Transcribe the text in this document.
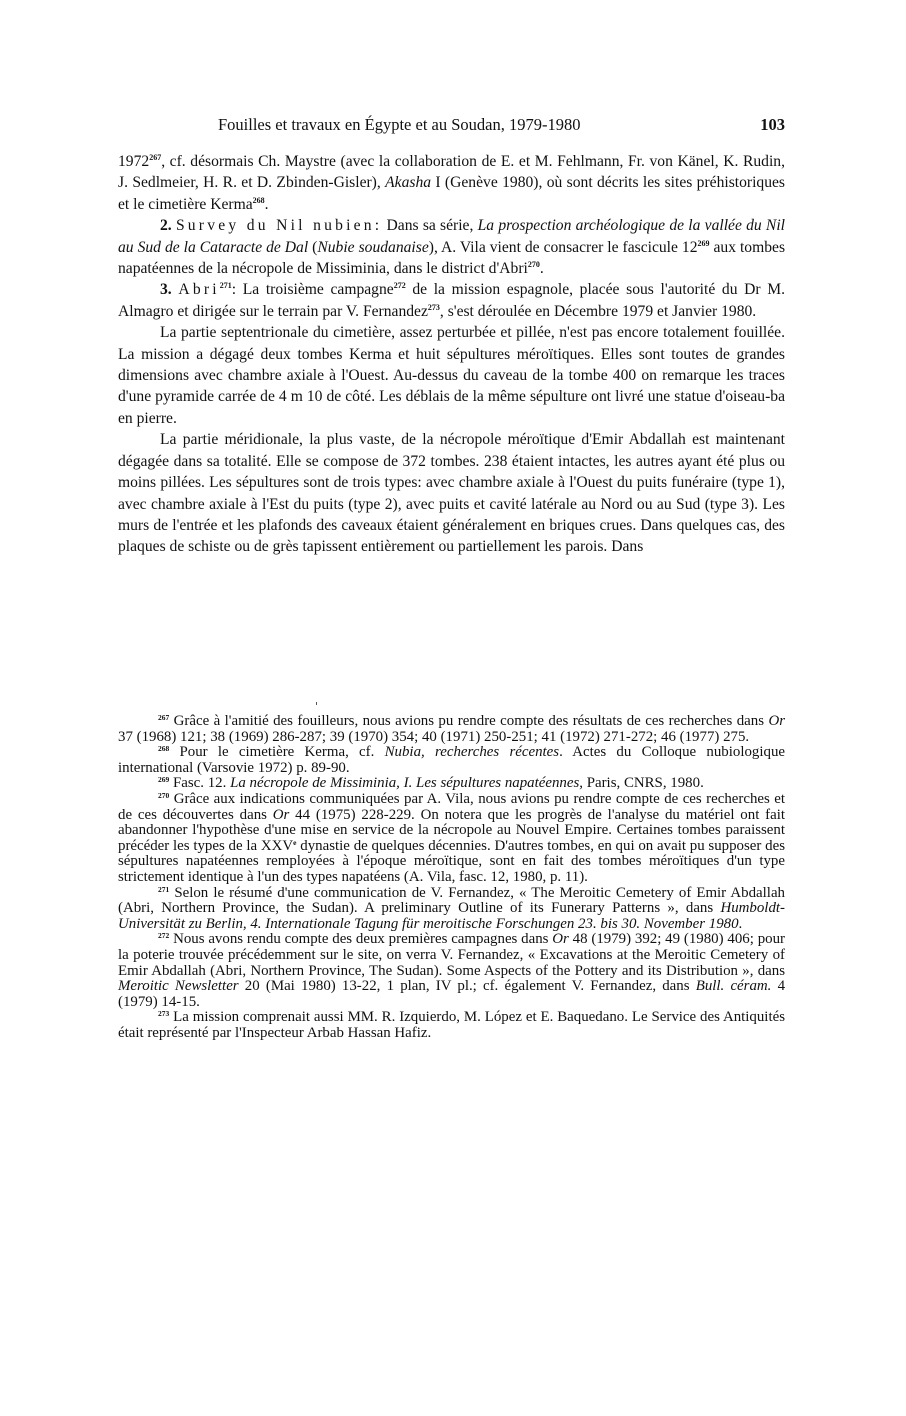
Fouilles et travaux en Égypte et au Soudan, 1979-1980	103

1972$^{267}$, cf. désormais Ch. Maystre (avec la collaboration de E. et M. Fehlmann, Fr. von Känel, K. Rudin, J. Sedlmeier, H. R. et D. Zbinden-Gisler), Akasha I (Genève 1980), où sont décrits les sites préhistoriques et le cimetière Kerma$^{268}$.

2. Survey du Nil nubien: Dans sa série, La prospection archéologique de la vallée du Nil au Sud de la Cataracte de Dal (Nubie soudanaise), A. Vila vient de consacrer le fascicule $12^{269}$ aux tombes napatéennes de la nécropole de Missiminia, dans le district d'Abri$^{270}$.

3. Abri$^{271}$: La troisième campagne$^{272}$ de la mission espagnole, placée sous l'autorité du Dr M. Almagro et dirigée sur le terrain par V. Fernandez$^{273}$, s'est déroulée en Décembre 1979 et Janvier 1980.

La partie septentrionale du cimetière, assez perturbée et pillée, n'est pas encore totalement fouillée. La mission a dégagé deux tombes Kerma et huit sépultures méroïtiques. Elles sont toutes de grandes dimensions avec chambre axiale à l'Ouest. Au-dessus du caveau de la tombe 400 on remarque les traces d'une pyramide carrée de 4 m 10 de côté. Les déblais de la même sépulture ont livré une statue d'oiseau-ba en pierre.

La partie méridionale, la plus vaste, de la nécropole méroïtique d'Emir Abdallah est maintenant dégagée dans sa totalité. Elle se compose de 372 tombes. 238 étaient intactes, les autres ayant été plus ou moins pillées. Les sépultures sont de trois types: avec chambre axiale à l'Ouest du puits funéraire (type 1), avec chambre axiale à l'Est du puits (type 2), avec puits et cavité latérale au Nord ou au Sud (type 3). Les murs de l'entrée et les plafonds des caveaux étaient généralement en briques crues. Dans quelques cas, des plaques de schiste ou de grès tapissent entièrement ou partiellement les parois. Dans

$^{267}$ Grâce à l'amitié des fouilleurs, nous avions pu rendre compte des résultats de ces recherches dans Or 37 (1968) 121; 38 (1969) 286-287; 39 (1970) 354; 40 (1971) 250-251; 41 (1972) 271-272; 46 (1977) 275.

$^{268}$ Pour le cimetière Kerma, cf. Nubia, recherches récentes. Actes du Colloque nubiologique international (Varsovie 1972) p. 89-90.

$^{269}$ Fasc. 12. La nécropole de Missiminia, I. Les sépultures napatéennes, Paris, CNRS, 1980.

$^{270}$ Grâce aux indications communiquées par A. Vila, nous avions pu rendre compte de ces recherches et de ces découvertes dans Or 44 (1975) 228-229. On notera que les progrès de l'analyse du matériel ont fait abandonner l'hypothèse d'une mise en service de la nécropole au Nouvel Empire. Certaines tombes paraissent précéder les types de la XXVe dynastie de quelques décennies. D'autres tombes, en qui on avait pu supposer des sépultures napatéennes remployées à l'époque méroïtique, sont en fait des tombes méroïtiques d'un type strictement identique à l'un des types napatéens (A. Vila, fasc. 12, 1980, p. 11).

$^{271}$ Selon le résumé d'une communication de V. Fernandez, « The Meroitic Cemetery of Emir Abdallah (Abri, Northern Province, the Sudan). A preliminary Outline of its Funerary Patterns », dans Humboldt-Universität zu Berlin, 4. Internationale Tagung für meroitische Forschungen 23. bis 30. November 1980.

$^{272}$ Nous avons rendu compte des deux premières campagnes dans Or 48 (1979) 392; 49 (1980) 406; pour la poterie trouvée précédemment sur le site, on verra V. Fernandez, « Excavations at the Meroitic Cemetery of Emir Abdallah (Abri, Northern Province, The Sudan). Some Aspects of the Pottery and its Distribution », dans Meroitic Newsletter 20 (Mai 1980) 13-22, 1 plan, IV pl.; cf. également V. Fernandez, dans Bull. céram. 4 (1979) 14-15.

$^{273}$ La mission comprenait aussi MM. R. Izquierdo, M. López et E. Baquedano. Le Service des Antiquités était représenté par l'Inspecteur Arbab Hassan Hafiz.
